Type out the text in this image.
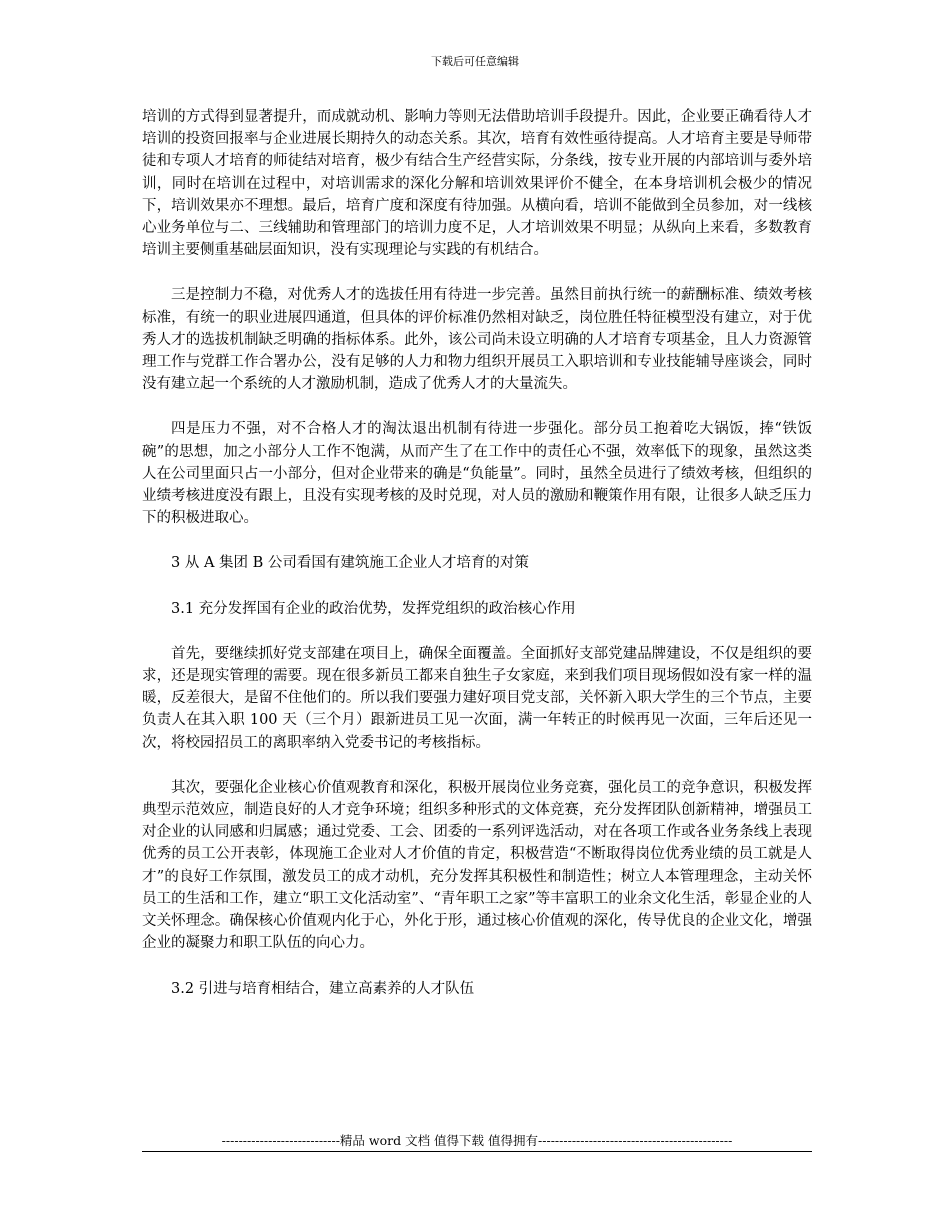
下载后可任意编辑

培训的方式得到显著提升，而成就动机、影响力等则无法借助培训手段提升。因此，企业要正确看待人才培训的投资回报率与企业进展长期持久的动态关系。其次，培育有效性亟待提高。人才培育主要是导师带徒和专项人才培育的师徒结对培育，极少有结合生产经营实际，分条线，按专业开展的内部培训与委外培训，同时在培训在过程中，对培训需求的深化分解和培训效果评价不健全，在本身培训机会极少的情况下，培训效果亦不理想。最后，培育广度和深度有待加强。从横向看，培训不能做到全员参加，对一线核心业务单位与二、三线辅助和管理部门的培训力度不足，人才培训效果不明显；从纵向上来看，多数教育培训主要侧重基础层面知识，没有实现理论与实践的有机结合。

三是控制力不稳，对优秀人才的选拔任用有待进一步完善。虽然目前执行统一的薪酬标准、绩效考核标准，有统一的职业进展四通道，但具体的评价标准仍然相对缺乏，岗位胜任特征模型没有建立，对于优秀人才的选拔机制缺乏明确的指标体系。此外，该公司尚未设立明确的人才培育专项基金，且人力资源管理工作与党群工作合署办公，没有足够的人力和物力组织开展员工入职培训和专业技能辅导座谈会，同时没有建立起一个系统的人才激励机制，造成了优秀人才的大量流失。

四是压力不强，对不合格人才的淘汰退出机制有待进一步强化。部分员工抱着吃大锅饭，捧“铁饭碗”的思想，加之小部分人工作不饱满，从而产生了在工作中的责任心不强，效率低下的现象，虽然这类人在公司里面只占一小部分，但对企业带来的确是“负能量”。同时，虽然全员进行了绩效考核，但组织的业绩考核进度没有跟上，且没有实现考核的及时兑现，对人员的激励和鞭策作用有限，让很多人缺乏压力下的积极进取心。

3 从 A 集团 B 公司看国有建筑施工企业人才培育的对策

3.1 充分发挥国有企业的政治优势，发挥党组织的政治核心作用

首先，要继续抓好党支部建在项目上，确保全面覆盖。全面抓好支部党建品牌建设，不仅是组织的要求，还是现实管理的需要。现在很多新员工都来自独生子女家庭，来到我们项目现场假如没有家一样的温暖，反差很大，是留不住他们的。所以我们要强力建好项目党支部，关怀新入职大学生的三个节点，主要负责人在其入职 100 天（三个月）跟新进员工见一次面，满一年转正的时候再见一次面，三年后还见一次，将校园招员工的离职率纳入党委书记的考核指标。

其次，要强化企业核心价值观教育和深化，积极开展岗位业务竞赛，强化员工的竞争意识，积极发挥典型示范效应，制造良好的人才竞争环境；组织多种形式的文体竞赛，充分发挥团队创新精神，增强员工对企业的认同感和归属感；通过党委、工会、团委的一系列评选活动，对在各项工作或各业务条线上表现优秀的员工公开表彰，体现施工企业对人才价值的肯定，积极营造“不断取得岗位优秀业绩的员工就是人才”的良好工作氛围，激发员工的成才动机，充分发挥其积极性和制造性；树立人本管理理念，主动关怀员工的生活和工作，建立“职工文化活动室”、“青年职工之家”等丰富职工的业余文化生活，彰显企业的人文关怀理念。确保核心价值观内化于心，外化于形，通过核心价值观的深化，传导优良的企业文化，增强企业的凝聚力和职工队伍的向心力。

3.2 引进与培育相结合，建立高素养的人才队伍

----------------------------精品 word 文档 值得下载 值得拥有----------------------------------------------
